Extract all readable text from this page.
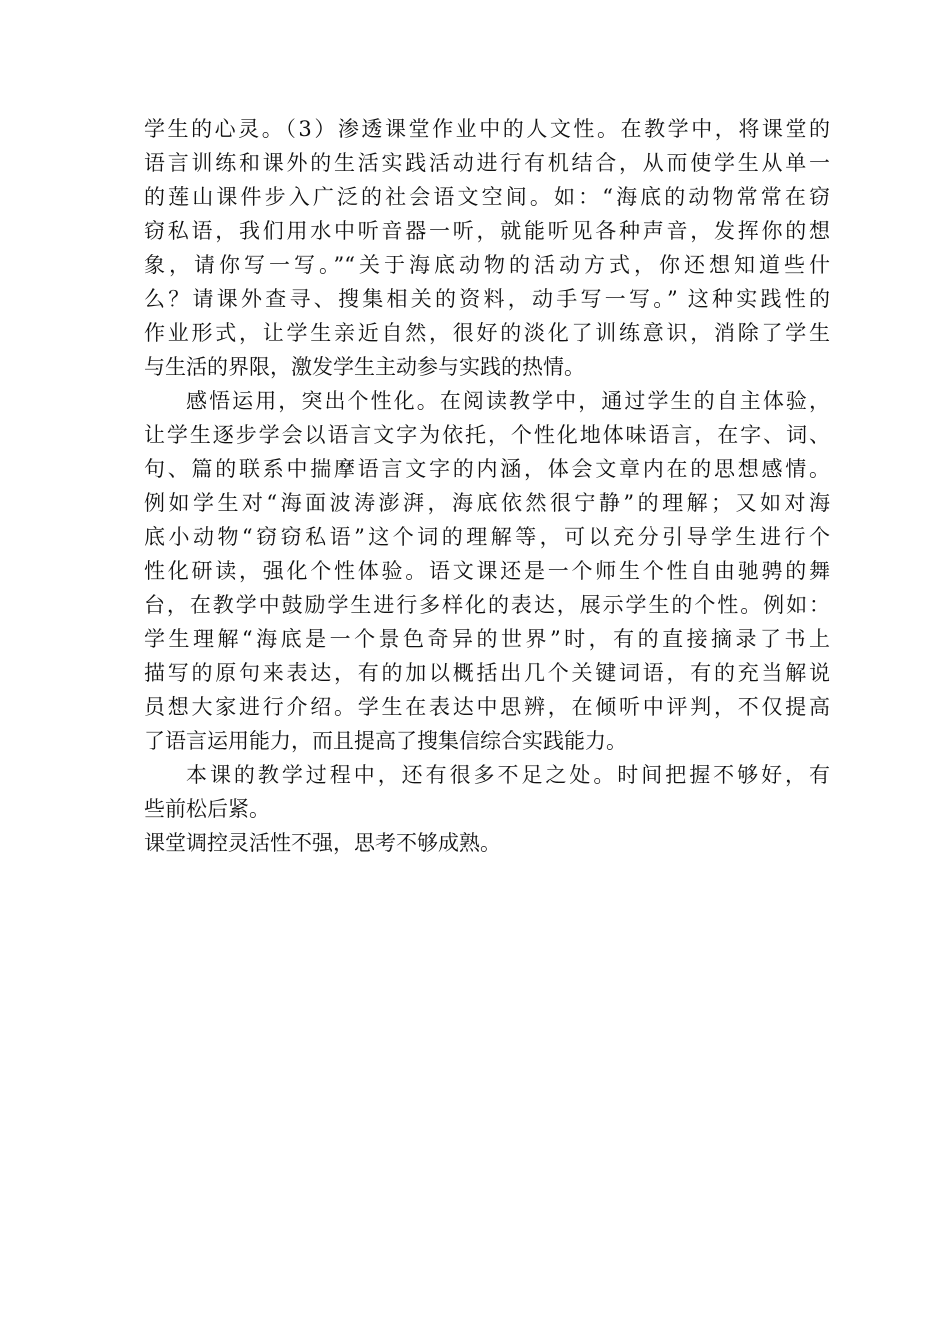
学生的心灵。（3）渗透课堂作业中的人文性。在教学中，将课堂的
语言训练和课外的生活实践活动进行有机结合，从而使学生从单一
的莲山课件步入广泛的社会语文空间。如：“海底的动物常常在窃
窃私语，我们用水中听音器一听，就能听见各种声音，发挥你的想
象，请你写一写。”“关于海底动物的活动方式，你还想知道些什
么？请课外查寻、搜集相关的资料，动手写一写。” 这种实践性的
作业形式，让学生亲近自然，很好的淡化了训练意识，消除了学生
与生活的界限，激发学生主动参与实践的热情。
感悟运用，突出个性化。在阅读教学中，通过学生的自主体验，
让学生逐步学会以语言文字为依托，个性化地体味语言，在字、词、
句、篇的联系中揣摩语言文字的内涵，体会文章内在的思想感情。
例如学生对“海面波涛澎湃，海底依然很宁静”的理解；又如对海
底小动物“窃窃私语”这个词的理解等，可以充分引导学生进行个
性化研读，强化个性体验。语文课还是一个师生个性自由驰骋的舞
台，在教学中鼓励学生进行多样化的表达，展示学生的个性。例如：
学生理解“海底是一个景色奇异的世界”时，有的直接摘录了书上
描写的原句来表达，有的加以概括出几个关键词语，有的充当解说
员想大家进行介绍。学生在表达中思辨，在倾听中评判，不仅提高
了语言运用能力，而且提高了搜集信综合实践能力。
本课的教学过程中，还有很多不足之处。时间把握不够好，有
些前松后紧。
课堂调控灵活性不强，思考不够成熟。
